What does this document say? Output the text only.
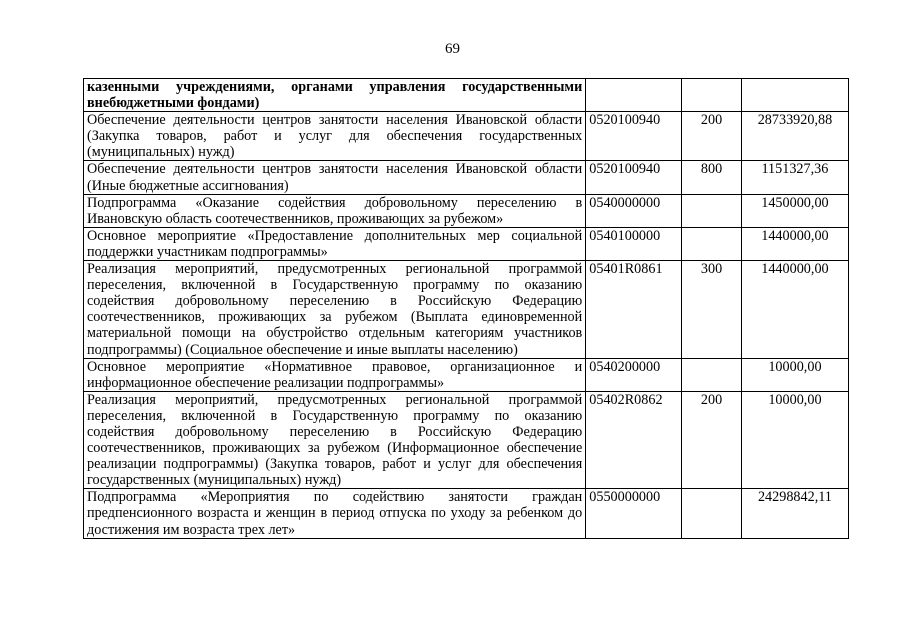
69
казенными учреждениями, органами управления государственными внебюджетными фондами)			
Обеспечение деятельности центров занятости населения Ивановской области (Закупка товаров, работ и услуг для обеспечения государственных (муниципальных) нужд)	0520100940	200	28733920,88
Обеспечение деятельности центров занятости населения Ивановской области (Иные бюджетные ассигнования)	0520100940	800	1151327,36
Подпрограмма «Оказание содействия добровольному переселению в Ивановскую область соотечественников, проживающих за рубежом»	0540000000		1450000,00
Основное мероприятие «Предоставление дополнительных мер социальной поддержки участникам подпрограммы»	0540100000		1440000,00
Реализация мероприятий, предусмотренных региональной программой переселения, включенной в Государственную программу по оказанию содействия добровольному переселению в Российскую Федерацию соотечественников, проживающих за рубежом (Выплата единовременной материальной помощи на обустройство отдельным категориям участников подпрограммы) (Социальное обеспечение и иные выплаты населению)	05401R0861	300	1440000,00
Основное мероприятие «Нормативное правовое, организационное и информационное обеспечение реализации подпрограммы»	0540200000		10000,00
Реализация мероприятий, предусмотренных региональной программой переселения, включенной в Государственную программу по оказанию содействия добровольному переселению в Российскую Федерацию соотечественников, проживающих за рубежом (Информационное обеспечение реализации подпрограммы) (Закупка товаров, работ и услуг для обеспечения государственных (муниципальных) нужд)	05402R0862	200	10000,00
Подпрограмма «Мероприятия по содействию занятости граждан предпенсионного возраста и женщин в период отпуска по уходу за ребенком до достижения им возраста трех лет»	0550000000		24298842,11
